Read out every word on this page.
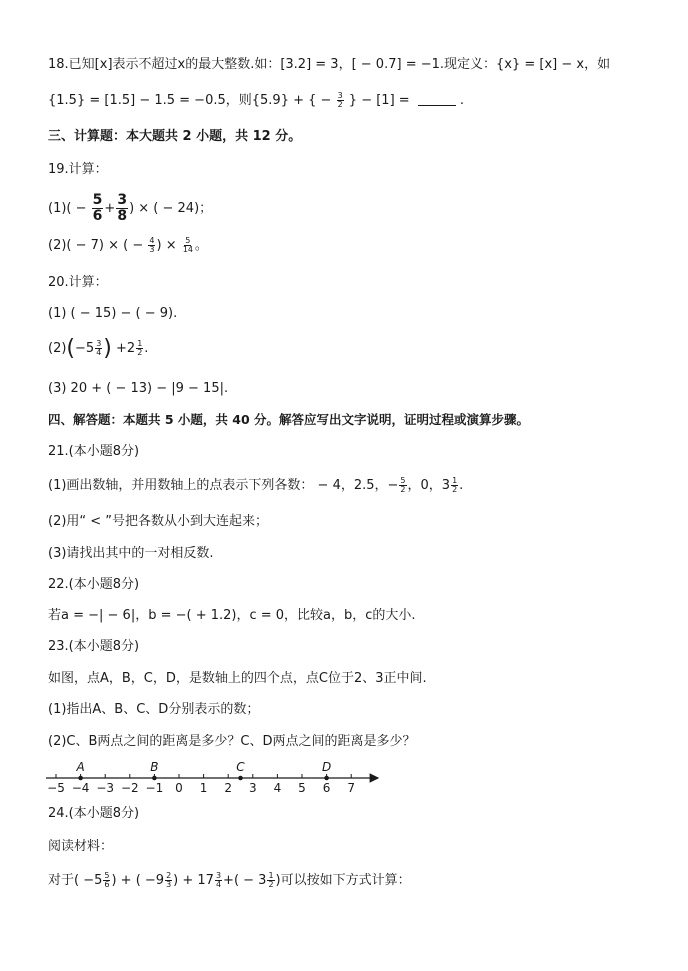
18.已知[x]表示不超过x的最大整数.如：[3.2] = 3，[ − 0.7] = −1.现定义：{x} = [x] − x，如
{1.5} = [1.5] − 1.5 = −0.5，则{5.9} + { − $\frac{3}{2}$ } − [1] =	.
三、计算题：本大题共 2 小题，共 12 分。
19.计算：
$(1)( - \frac{5}{6} + \frac{3}{8}$ ) × ( − 24)；
(2)( − 7) × ( − $\frac{4}{3}$ ) × $\frac{5}{14}$ 。
20.计算：
(1) ( − 15) − ( − 9).
$(2)(-5 \frac{3}{4}$ ) $+2 \frac{1}{2}$ .
(3) 20 + ( − 13) − |9 − 15|.
四、解答题：本题共 5 小题，共 40 分。解答应写出文字说明，证明过程或演算步骤。
21.(本小题8分)
(1)画出数轴，并用数轴上的点表示下列各数： − 4，2.5，− $\frac{5}{2}$ ，0，$3 \frac{1}{2}$ .
(2)用“ < ”号把各数从小到大连起来；
(3)请找出其中的一对相反数.
22.(本小题8分)
若a = −| − 6|，b = −( + 1.2)，c = 0，比较a，b，c的大小.
23.(本小题8分)
如图，点A，B，C，D，是数轴上的四个点，点C位于2、3正中间.
(1)指出A、B、C、D分别表示的数；
(2)C、B两点之间的距离是多少？C、D两点之间的距离是多少？
−5 −4 −3 −2 −1 0 1 2 3 4 5 6 7
A	B	C	D
24.(本小题8分)
阅读材料：
对于( $-5 \frac{5}{6}$ ) + ( $-9 \frac{2}{3}$ ) + $17 \frac{3}{4}$ +( − $3 \frac{1}{2}$ )可以按如下方式计算：
